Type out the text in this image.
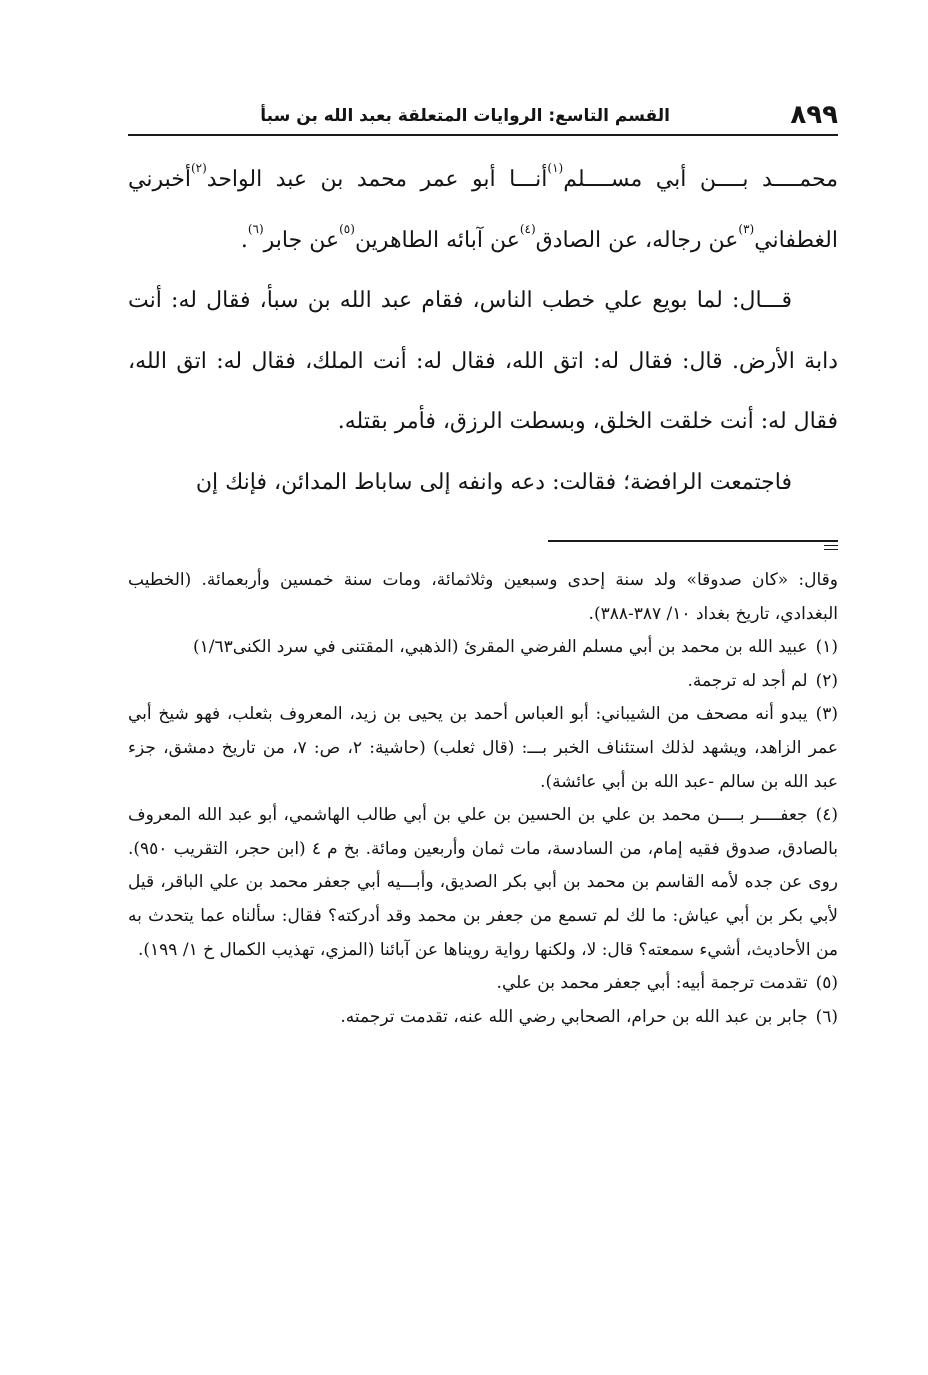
٨٩٩
القسم التاسع: الروايات المتعلقة بعبد الله بن سبأ

محمــــد بــــن أبي مســــلم$^{(١)}$أنـــا أبو عمر محمد بن عبد الواحد$^{(٢)}$أخبرني الغطفاني$^{(٣)}$عن رجاله، عن الصادق$^{(٤)}$عن آبائه الطاهرين$^{(٥)}$عن جابر$^{(٦)}$.

قـــال: لما بويع علي خطب الناس، فقام عبد الله بن سبأ، فقال له: أنت دابة الأرض. قال: فقال له: اتق الله، فقال له: أنت الملك، فقال له: اتق الله، فقال له: أنت خلقت الخلق، وبسطت الرزق، فأمر بقتله.

فاجتمعت الرافضة؛ فقالت: دعه وانفه إلى ساباط المدائن، فإنك إن

وقال: «كان صدوقا» ولد سنة إحدى وسبعين وثلاثمائة، ومات سنة خمسين وأربعمائة. (الخطيب البغدادي، تاريخ بغداد ١٠/ ٣٨٧-٣٨٨).

(١)عبيد الله بن محمد بن أبي مسلم الفرضي المقرئ (الذهبي، المقتنى في سرد الكنى١/٦٣)

(٢)لم أجد له ترجمة.

(٣)يبدو أنه مصحف من الشيباني: أبو العباس أحمد بن يحيى بن زيد، المعروف بثعلب، فهو شيخ أبي عمر الزاهد، ويشهد لذلك استئناف الخبر بـــ: (قال ثعلب) (حاشية: ٢، ص: ٧، من تاريخ دمشق، جزء عبد الله بن سالم -عبد الله بن أبي عائشة).

(٤)جعفــــر بــــن محمد بن علي بن الحسين بن علي بن أبي طالب الهاشمي، أبو عبد الله المعروف بالصادق، صدوق فقيه إمام، من السادسة، مات ثمان وأربعين ومائة. بخ م ٤ (ابن حجر، التقريب ٩٥٠). روى عن جده لأمه القاسم بن محمد بن أبي بكر الصديق، وأبـــيه أبي جعفر محمد بن علي الباقر، قيل لأبي بكر بن أبي عياش: ما لك لم تسمع من جعفر بن محمد وقد أدركته؟ فقال: سألناه عما يتحدث به من الأحاديث، أشيء سمعته؟ قال: لا، ولكنها رواية رويناها عن آبائنا (المزي، تهذيب الكمال خ ١/ ١٩٩).

(٥)تقدمت ترجمة أبيه: أبي جعفر محمد بن علي.

(٦)جابر بن عبد الله بن حرام، الصحابي رضي الله عنه، تقدمت ترجمته.
